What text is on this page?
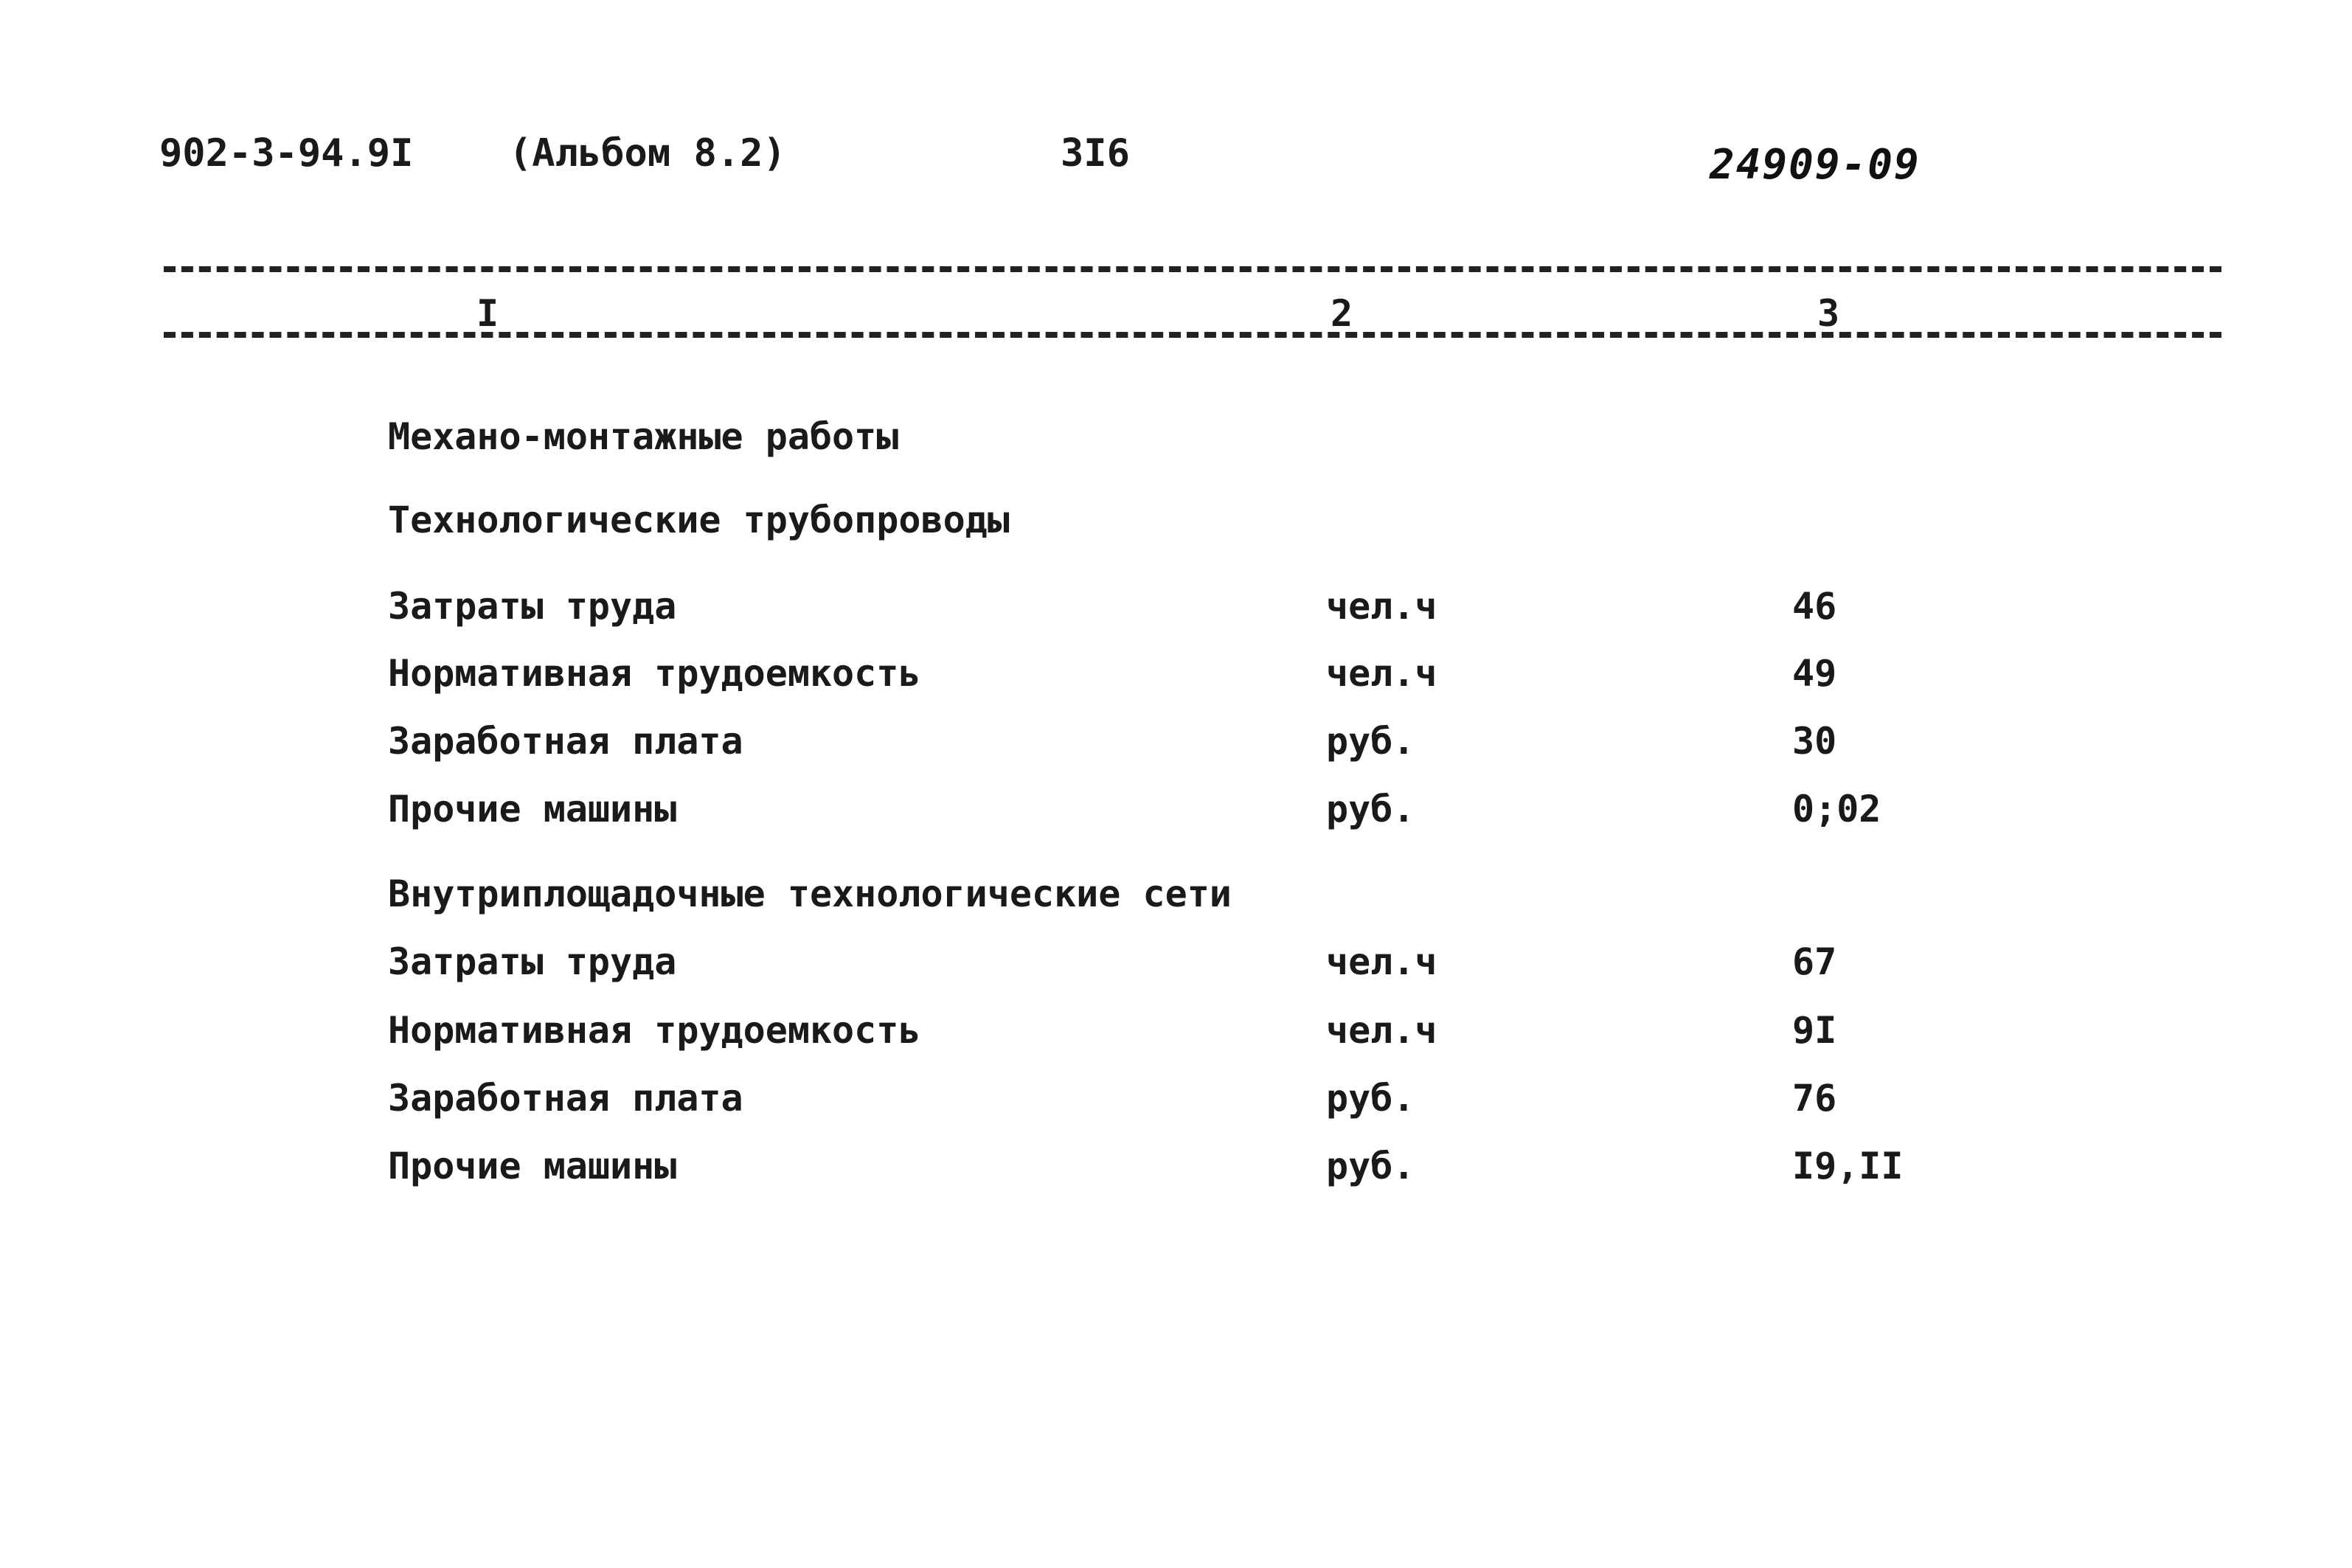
902-3-94.9I (Альбом 8.2)	3I6	24909-09
I	2	3
Механо-монтажные работы
Технологические трубопроводы
Затраты труда	чел.ч	46
Нормативная трудоемкость	чел.ч	49
Заработная плата	руб.	30
Прочие машины	руб.	0;02
Внутриплощадочные технологические сети
Затраты труда	чел.ч	67
Нормативная трудоемкость	чел.ч	9I
Заработная плата	руб.	76
Прочие машины	руб.	I9,II
